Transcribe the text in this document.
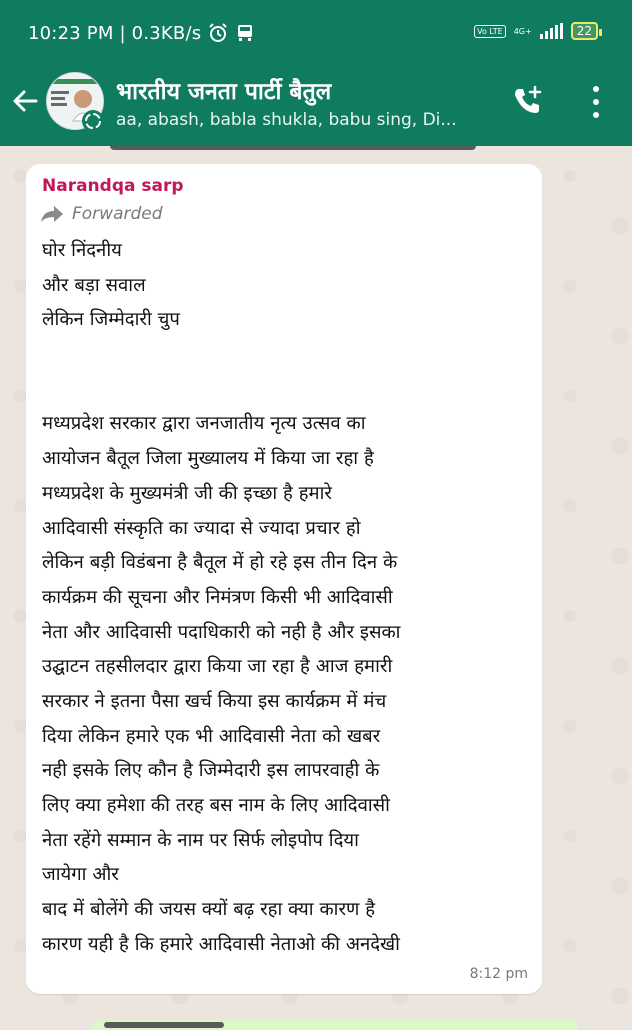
10:23 PM | 0.3KB/s	Vo LTE	4G+	22
भारतीय जनता पार्टी बैतुल
aa, abash, babla shukla, babu sing, Di...
Narandqa sarp
Forwarded
घोर निंदनीय
और बड़ा सवाल
लेकिन जिम्मेदारी चुप
मध्यप्रदेश सरकार द्वारा जनजातीय नृत्य उत्सव का
आयोजन बैतूल जिला मुख्यालय में किया जा रहा है
मध्यप्रदेश के मुख्यमंत्री जी की इच्छा है हमारे
आदिवासी संस्कृति का ज्यादा से ज्यादा प्रचार हो
लेकिन बड़ी विडंबना है बैतूल में हो रहे इस तीन दिन के
कार्यक्रम की सूचना और निमंत्रण किसी भी आदिवासी
नेता और आदिवासी पदाधिकारी को नही है और इसका
उद्घाटन तहसीलदार द्वारा किया जा रहा है आज हमारी
सरकार ने इतना पैसा खर्च किया इस कार्यक्रम में मंच
दिया लेकिन हमारे एक भी आदिवासी नेता को खबर
नही इसके लिए कौन है जिम्मेदारी इस लापरवाही के
लिए क्या हमेशा की तरह बस नाम के लिए आदिवासी
नेता रहेंगे सम्मान के नाम पर सिर्फ लोइपोप दिया
जायेगा और
बाद में बोलेंगे की जयस क्यों बढ़ रहा क्या कारण है
कारण यही है कि हमारे आदिवासी नेताओ की अनदेखी
8:12 pm
